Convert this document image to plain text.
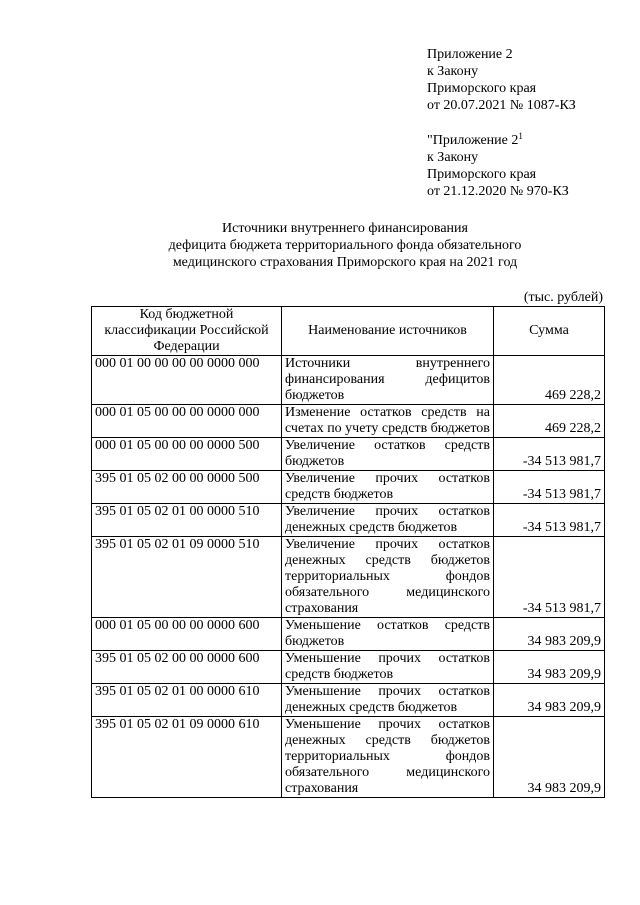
Приложение 2
к Закону
Приморского края
от 20.07.2021 № 1087-КЗ
"Приложение $2^1$
к Закону
Приморского края
от 21.12.2020 № 970-КЗ
Источники внутреннего финансирования
дефицита бюджета территориального фонда обязательного
медицинского страхования Приморского края на 2021 год
(тыс. рублей)
Код бюджетной классификации Российской Федерации	Наименование источников	Сумма
000 01 00 00 00 00 0000 000	Источники внутреннего финансирования дефицитов бюджетов	469 228,2
000 01 05 00 00 00 0000 000	Изменение остатков средств на счетах по учету средств бюджетов	469 228,2
000 01 05 00 00 00 0000 500	Увеличение остатков средств бюджетов	-34 513 981,7
395 01 05 02 00 00 0000 500	Увеличение прочих остатков средств бюджетов	-34 513 981,7
395 01 05 02 01 00 0000 510	Увеличение прочих остатков денежных средств бюджетов	-34 513 981,7
395 01 05 02 01 09 0000 510	Увеличение прочих остатков денежных средств бюджетов территориальных фондов обязательного медицинского страхования	-34 513 981,7
000 01 05 00 00 00 0000 600	Уменьшение остатков средств бюджетов	34 983 209,9
395 01 05 02 00 00 0000 600	Уменьшение прочих остатков средств бюджетов	34 983 209,9
395 01 05 02 01 00 0000 610	Уменьшение прочих остатков денежных средств бюджетов	34 983 209,9
395 01 05 02 01 09 0000 610	Уменьшение прочих остатков денежных средств бюджетов территориальных фондов обязательного медицинского страхования	34 983 209,9
